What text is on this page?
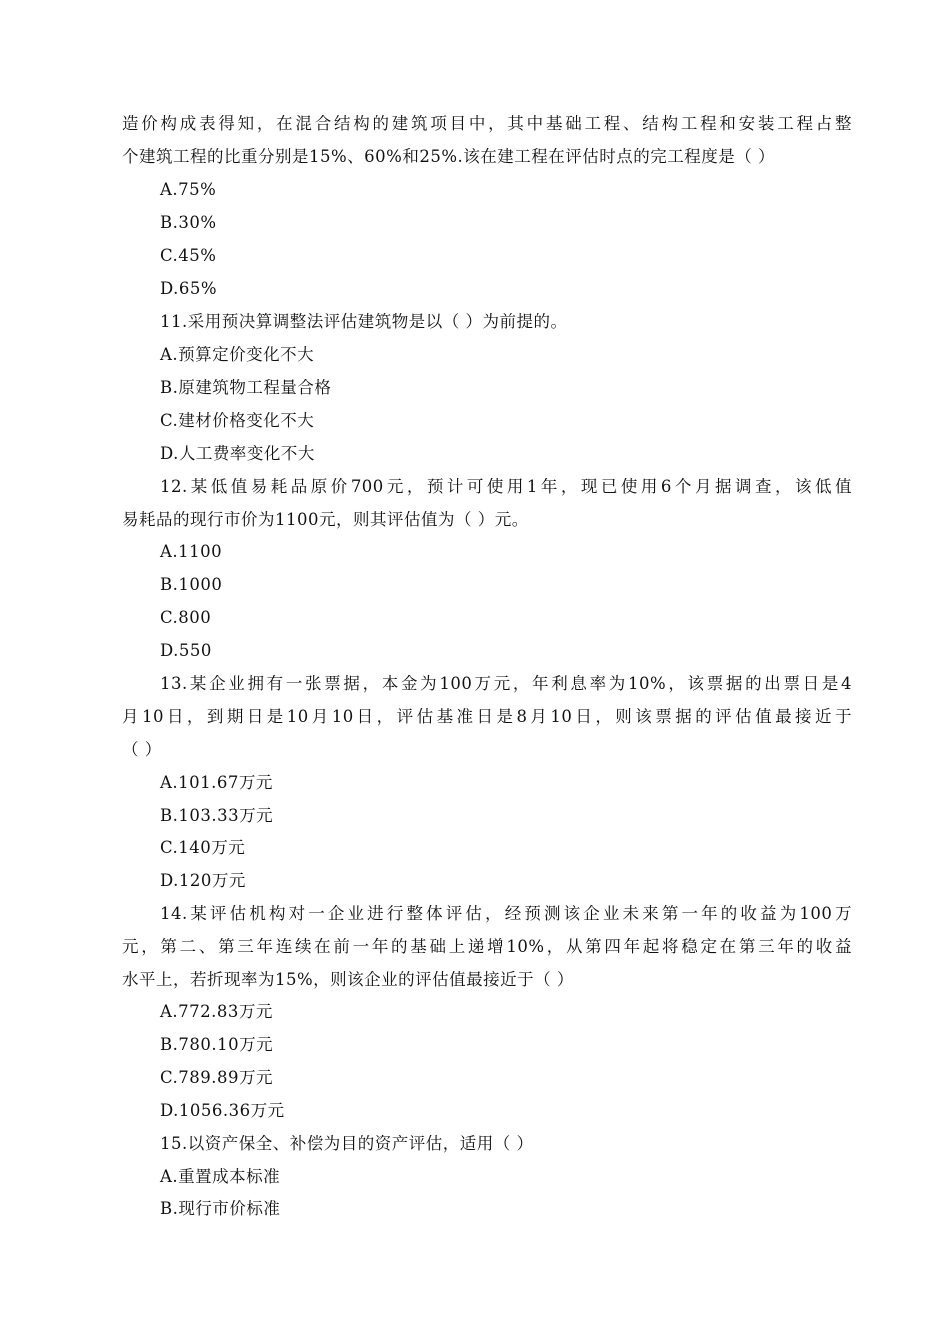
造价构成表得知，在混合结构的建筑项目中，其中基础工程、结构工程和安装工程占整
个建筑工程的比重分别是15%、60%和25%.该在建工程在评估时点的完工程度是（ ）
A.75%
B.30%
C.45%
D.65%
11.采用预决算调整法评估建筑物是以（ ）为前提的。
A.预算定价变化不大
B.原建筑物工程量合格
C.建材价格变化不大
D.人工费率变化不大
12.某低值易耗品原价700元，预计可使用1年，现已使用6个月据调查，该低值
易耗品的现行市价为1100元，则其评估值为（ ）元。
A.1100
B.1000
C.800
D.550
13.某企业拥有一张票据，本金为100万元，年利息率为10%，该票据的出票日是4
月10日，到期日是10月10日，评估基准日是8月10日，则该票据的评估值最接近于
（ ）
A.101.67万元
B.103.33万元
C.140万元
D.120万元
14.某评估机构对一企业进行整体评估，经预测该企业未来第一年的收益为100万
元，第二、第三年连续在前一年的基础上递增10%，从第四年起将稳定在第三年的收益
水平上，若折现率为15%，则该企业的评估值最接近于（ ）
A.772.83万元
B.780.10万元
C.789.89万元
D.1056.36万元
15.以资产保全、补偿为目的资产评估，适用（ ）
A.重置成本标准
B.现行市价标准
